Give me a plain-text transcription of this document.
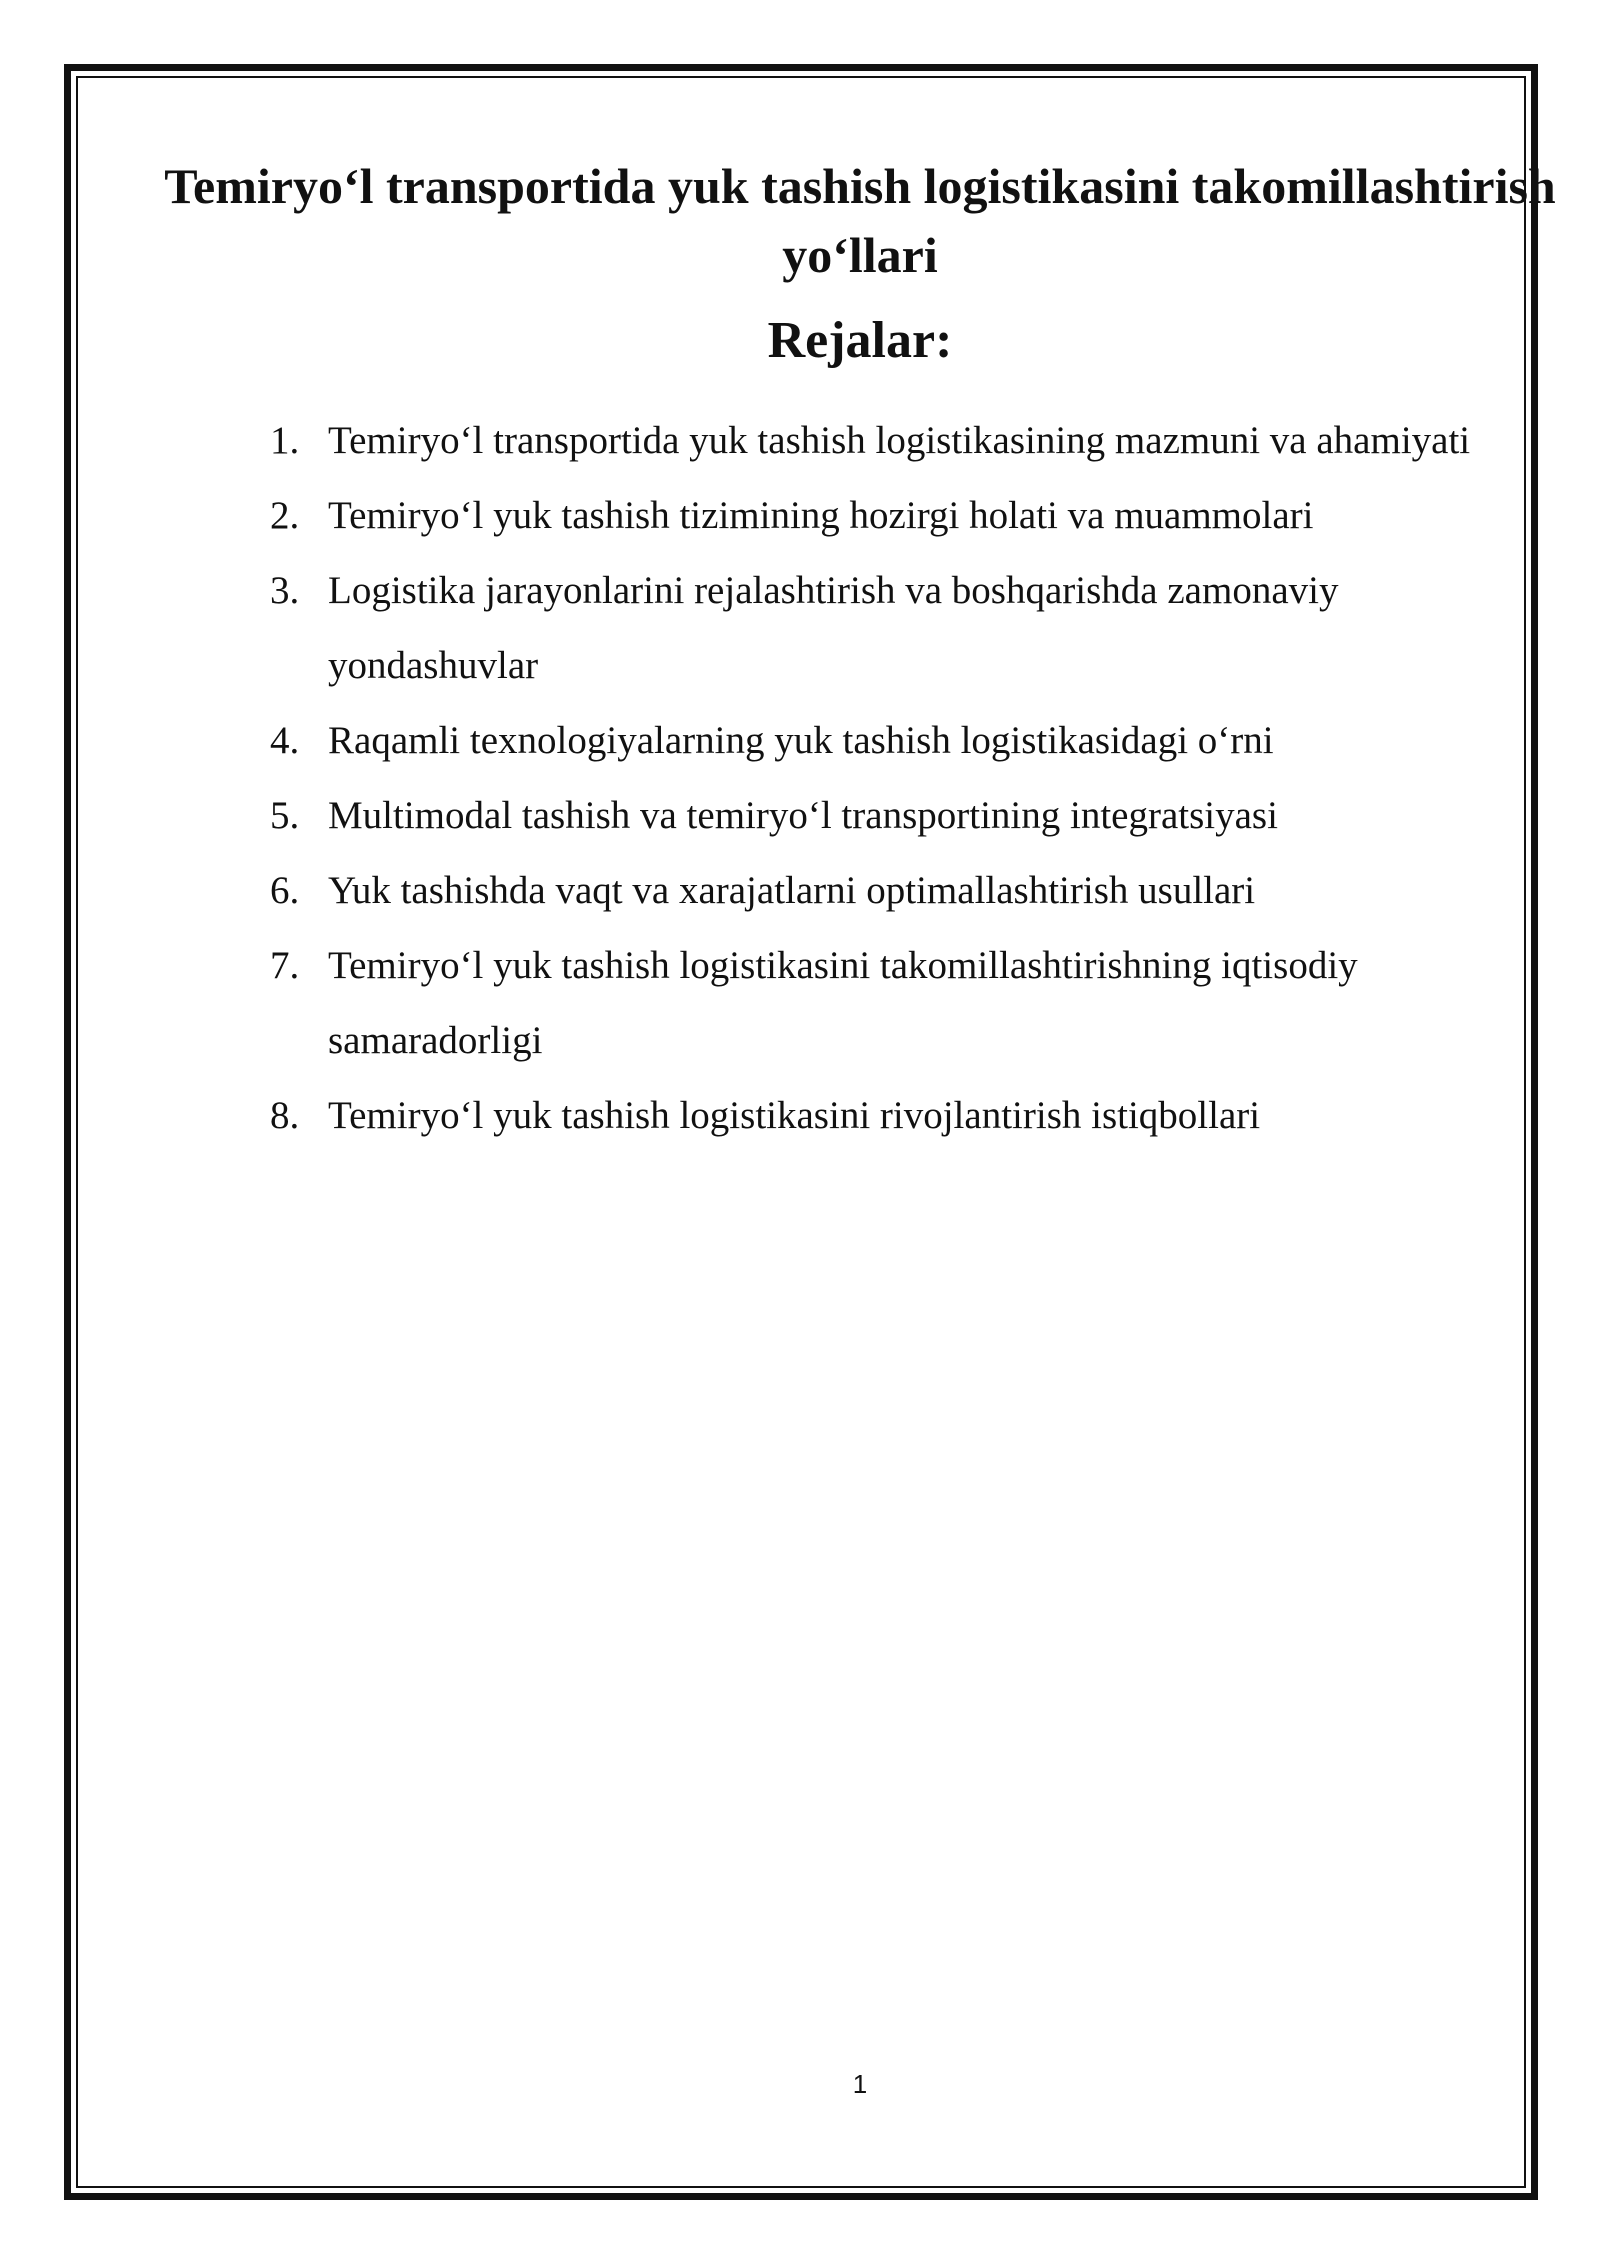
Temiryo‘l transportida yuk tashish logistikasini takomillashtirish yo‘llari
Rejalar:
1. Temiryo‘l transportida yuk tashish logistikasining mazmuni va ahamiyati
2. Temiryo‘l yuk tashish tizimining hozirgi holati va muammolari
3. Logistika jarayonlarini rejalashtirish va boshqarishda zamonaviy yondashuvlar
4. Raqamli texnologiyalarning yuk tashish logistikasidagi o‘rni
5. Multimodal tashish va temiryo‘l transportining integratsiyasi
6. Yuk tashishda vaqt va xarajatlarni optimallashtirish usullari
7. Temiryo‘l yuk tashish logistikasini takomillashtirishning iqtisodiy samaradorligi
8. Temiryo‘l yuk tashish logistikasini rivojlantirish istiqbollari
1
